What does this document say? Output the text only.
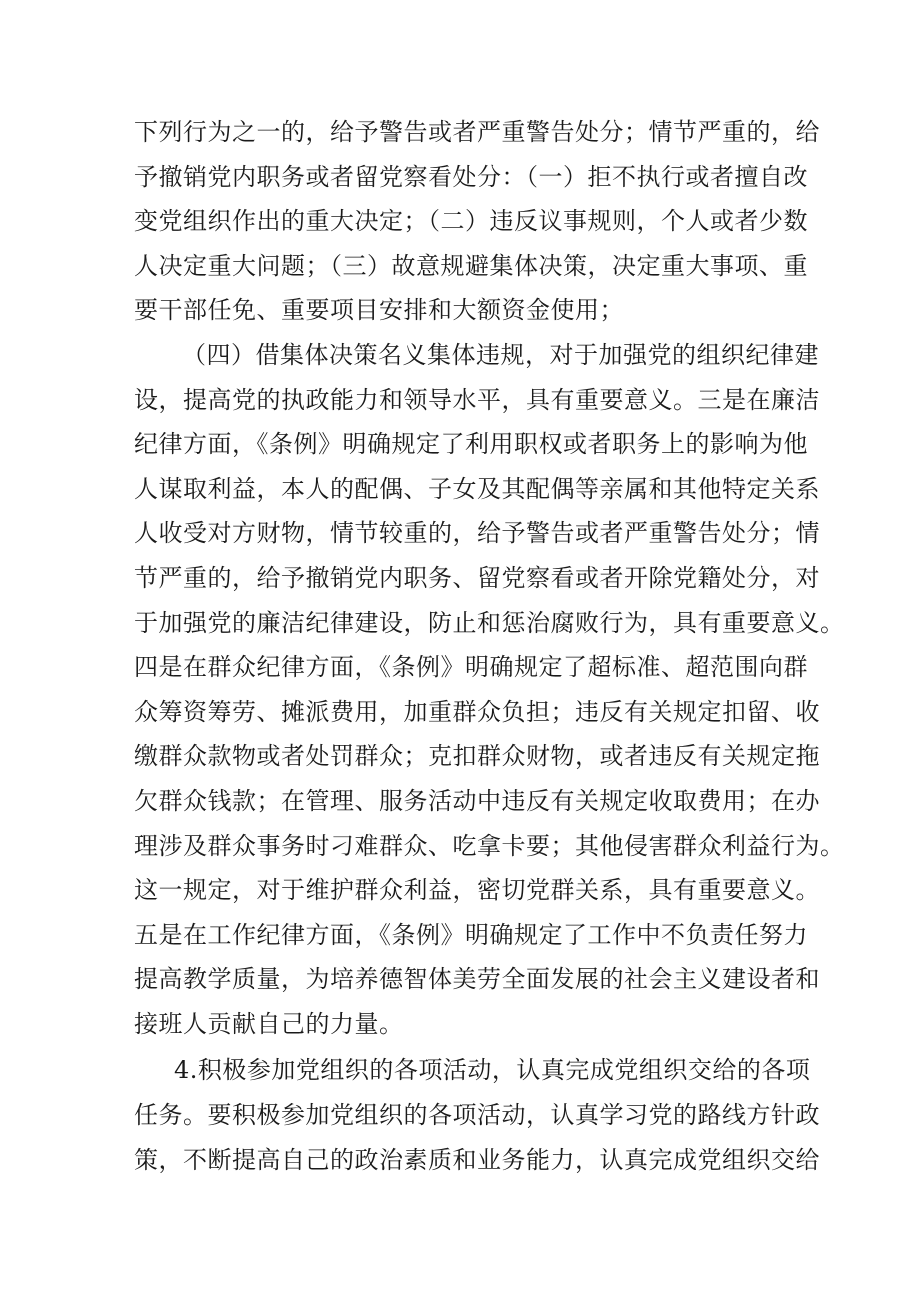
下列行为之一的，给予警告或者严重警告处分；情节严重的，给
予撤销党内职务或者留党察看处分：（一）拒不执行或者擅自改
变党组织作出的重大决定；（二）违反议事规则，个人或者少数
人决定重大问题；（三）故意规避集体决策，决定重大事项、重
要干部任免、重要项目安排和大额资金使用；
（四）借集体决策名义集体违规，对于加强党的组织纪律建
设，提高党的执政能力和领导水平，具有重要意义。三是在廉洁
纪律方面，《条例》明确规定了利用职权或者职务上的影响为他
人谋取利益，本人的配偶、子女及其配偶等亲属和其他特定关系
人收受对方财物，情节较重的，给予警告或者严重警告处分；情
节严重的，给予撤销党内职务、留党察看或者开除党籍处分，对
于加强党的廉洁纪律建设，防止和惩治腐败行为，具有重要意义。
四是在群众纪律方面，《条例》明确规定了超标准、超范围向群
众筹资筹劳、摊派费用，加重群众负担；违反有关规定扣留、收
缴群众款物或者处罚群众；克扣群众财物，或者违反有关规定拖
欠群众钱款；在管理、服务活动中违反有关规定收取费用；在办
理涉及群众事务时刁难群众、吃拿卡要；其他侵害群众利益行为。
这一规定，对于维护群众利益，密切党群关系，具有重要意义。
五是在工作纪律方面，《条例》明确规定了工作中不负责任努力
提高教学质量，为培养德智体美劳全面发展的社会主义建设者和
接班人贡献自己的力量。
4.积极参加党组织的各项活动，认真完成党组织交给的各项
任务。要积极参加党组织的各项活动，认真学习党的路线方针政
策，不断提高自己的政治素质和业务能力，认真完成党组织交给
